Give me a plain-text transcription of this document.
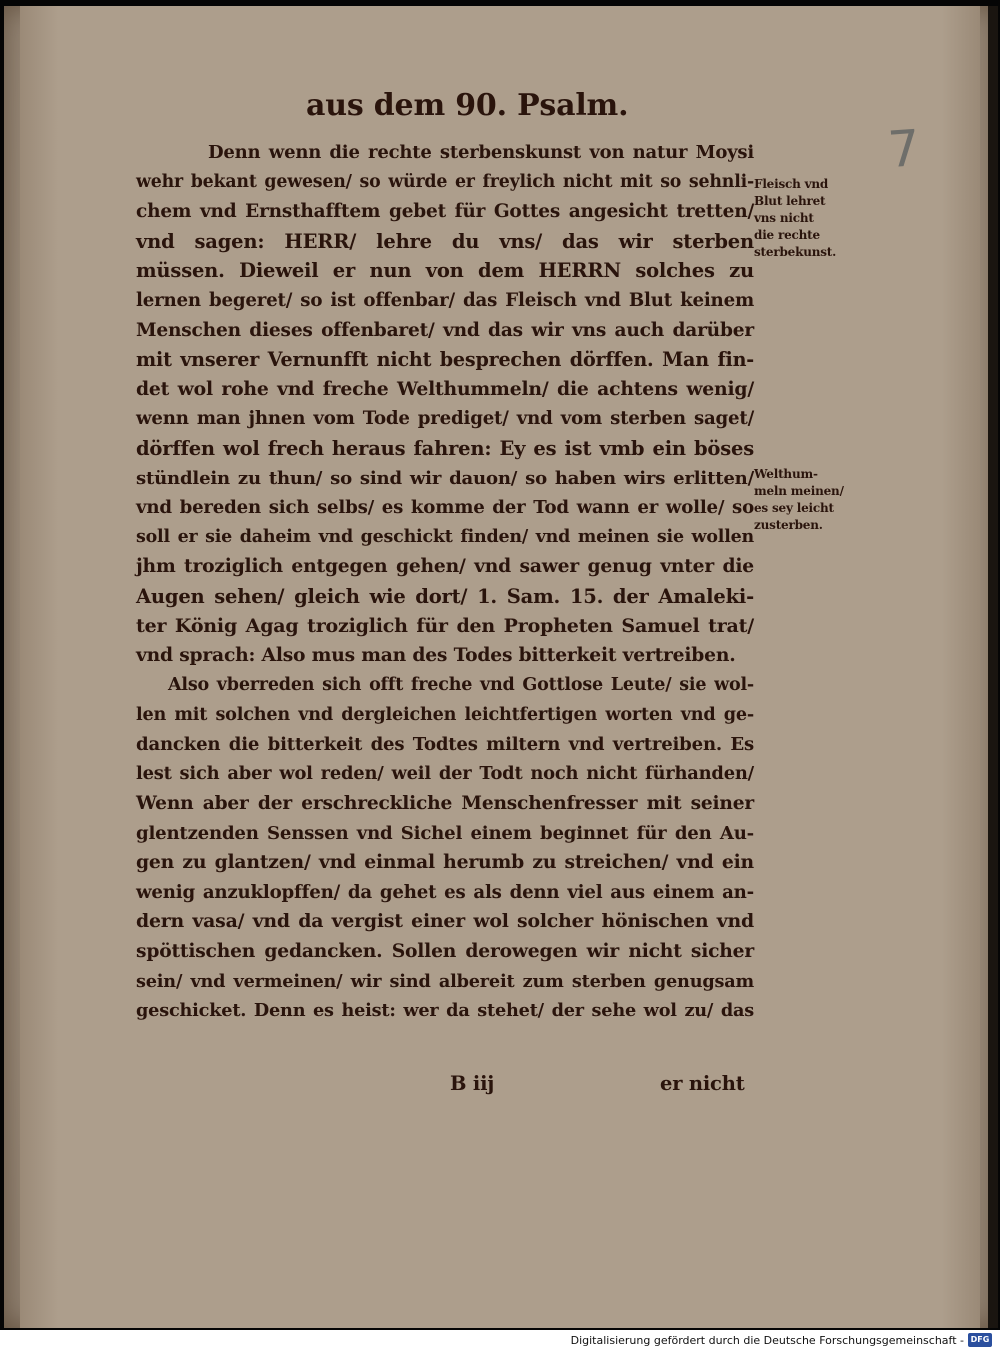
aus dem 90. Psalm.
7
Denn wenn die rechte sterbenskunst von natur Moysi
wehr bekant gewesen/ so würde er freylich nicht mit so sehnli-
chem vnd Ernsthafftem gebet für Gottes angesicht tretten/
vnd sagen: HERR/ lehre du vns/ das wir sterben
müssen. Dieweil er nun von dem HERRN solches zu
lernen begeret/ so ist offenbar/ das Fleisch vnd Blut keinem
Menschen dieses offenbaret/ vnd das wir vns auch darüber
mit vnserer Vernunfft nicht besprechen dörffen. Man fin-
det wol rohe vnd freche Welthummeln/ die achtens wenig/
wenn man jhnen vom Tode prediget/ vnd vom sterben saget/
dörffen wol frech heraus fahren: Ey es ist vmb ein böses
stündlein zu thun/ so sind wir dauon/ so haben wirs erlitten/
vnd bereden sich selbs/ es komme der Tod wann er wolle/ so
soll er sie daheim vnd geschickt finden/ vnd meinen sie wollen
jhm troziglich entgegen gehen/ vnd sawer genug vnter die
Augen sehen/ gleich wie dort/ 1. Sam. 15. der Amaleki-
ter König Agag troziglich für den Propheten Samuel trat/
vnd sprach: Also mus man des Todes bitterkeit vertreiben.
Also vberreden sich offt freche vnd Gottlose Leute/ sie wol-
len mit solchen vnd dergleichen leichtfertigen worten vnd ge-
dancken die bitterkeit des Todtes miltern vnd vertreiben. Es
lest sich aber wol reden/ weil der Todt noch nicht fürhanden/
Wenn aber der erschreckliche Menschenfresser mit seiner
glentzenden Senssen vnd Sichel einem beginnet für den Au-
gen zu glantzen/ vnd einmal herumb zu streichen/ vnd ein
wenig anzuklopffen/ da gehet es als denn viel aus einem an-
dern vasa/ vnd da vergist einer wol solcher hönischen vnd
spöttischen gedancken. Sollen derowegen wir nicht sicher
sein/ vnd vermeinen/ wir sind albereit zum sterben genugsam
geschicket. Denn es heist: wer da stehet/ der sehe wol zu/ das
Fleisch vnd
Blut lehret
vns nicht
die rechte
sterbekunst.
Welthum-
meln meinen/
es sey leicht
zusterben.
B iij	er nicht
Digitalisierung gefördert durch die Deutsche Forschungsgemeinschaft - DFG
